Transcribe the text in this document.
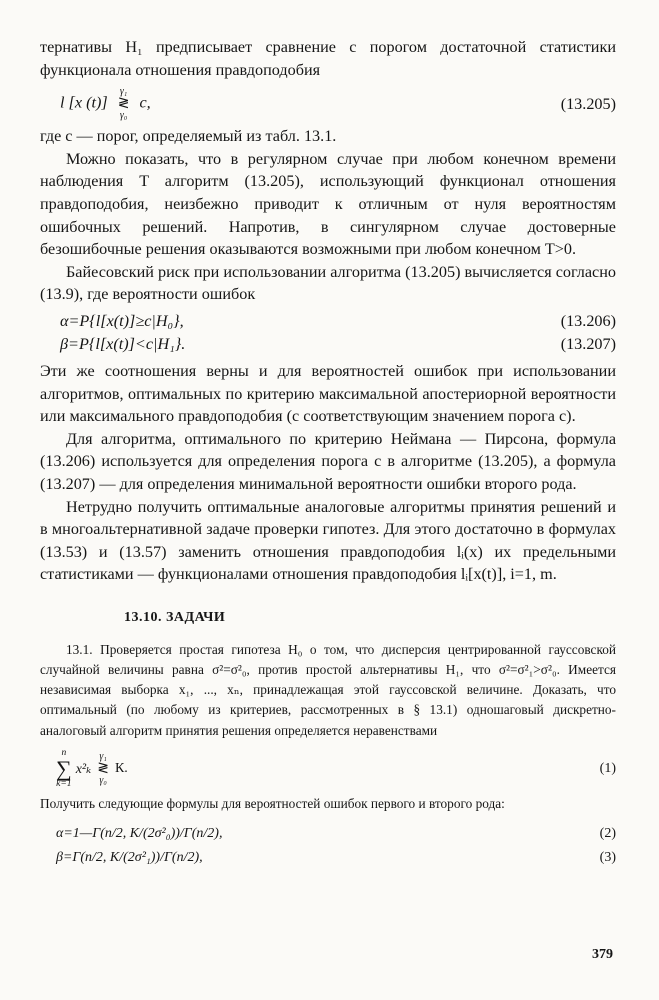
тернативы H₁ предписывает сравнение с порогом достаточной статистики функционала отношения правдоподобия

l [x (t)]
γ₁
≷
γ₀
c,	(13.205)

где c — порог, определяемый из табл. 13.1.

Можно показать, что в регулярном случае при любом конечном времени наблюдения T алгоритм (13.205), использующий функционал отношения правдоподобия, неизбежно приводит к отличным от нуля вероятностям ошибочных решений. Напротив, в сингулярном случае достоверные безошибочные решения оказываются возможными при любом конечном T>0.

Байесовский риск при использовании алгоритма (13.205) вычисляется согласно (13.9), где вероятности ошибок

α=P{l[x(t)]≥c|H₀},	(13.206)
β=P{l[x(t)]<c|H₁}.	(13.207)

Эти же соотношения верны и для вероятностей ошибок при использовании алгоритмов, оптимальных по критерию максимальной апостериорной вероятности или максимального правдоподобия (с соответствующим значением порога c).

Для алгоритма, оптимального по критерию Неймана — Пирсона, формула (13.206) используется для определения порога c в алгоритме (13.205), а формула (13.207) — для определения минимальной вероятности ошибки второго рода.

Нетрудно получить оптимальные аналоговые алгоритмы принятия решений и в многоальтернативной задаче проверки гипотез. Для этого достаточно в формулах (13.53) и (13.57) заменить отношения правдоподобия lᵢ(x) их предельными статистиками — функционалами отношения правдоподобия lᵢ[x(t)], i=1, m.

13.10. ЗАДАЧИ

13.1. Проверяется простая гипотеза H₀ о том, что дисперсия центрированной гауссовской случайной величины равна σ²=σ²₀, против простой альтернативы H₁, что σ²=σ²₁>σ²₀. Имеется независимая выборка x₁, ..., xₙ, принадлежащая этой гауссовской величине. Доказать, что оптимальный (по любому из критериев, рассмотренных в § 13.1) одношаговый дискретно-аналоговый алгоритм принятия решения определяется неравенствами

n
∑
k=1
x²ₖ
γ₁
≷
γ₀
К.	(1)

Получить следующие формулы для вероятностей ошибок первого и второго рода:

α=1—Γ(n/2, К/(2σ²₀))/Γ(n/2),	(2)
β=Γ(n/2, К/(2σ²₁))/Γ(n/2),	(3)
379
